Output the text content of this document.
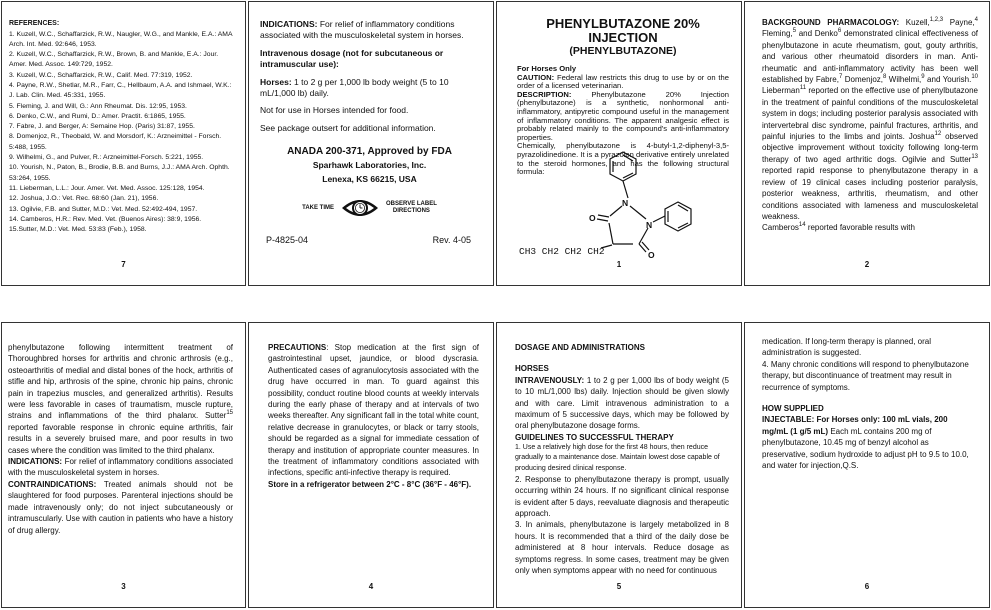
REFERENCES:
1. Kuzell, W.C., Schaffarzick, R.W., Naugler, W.G., and Mankle, E.A.: AMA Arch. Int. Med. 92:646, 1953.
2. Kuzell, W.C., Schaffarzick, R.W., Brown, B. and Mankle, E.A.: Jour. Amer. Med. Assoc. 149:729, 1952.
3. Kuzell, W.C., Schaffarzick, R.W., Calif. Med. 77:319, 1952.
4. Payne, R.W., Shetlar, M.R., Farr, C., Hellbaum, A.A. and Ishmael, W.K.: J. Lab. Clin. Med. 45:331, 1955.
5. Fleming, J. and Will, G.: Ann Rheumat. Dis. 12:95, 1953.
6. Denko, C.W., and Rumi, D.: Amer. Practit. 6:1865, 1955.
7. Fabre, J. and Berger, A: Semaine Hop. (Paris) 31:87, 1955.
8. Domenjoz, R., Theobald, W. and Morsdorf, K.: Arzneimittel - Forsch. 5:488, 1955.
9. Wilhelmi, G., and Pulver, R.: Arzneimittel-Forsch. 5:221, 1955.
10. Yourish, N., Paton, B., Brodie, B.B. and Burns, J.J.: AMA Arch. Ophth. 53:264, 1955.
11. Lieberman, L.L.: Jour. Amer. Vet. Med. Assoc. 125:128, 1954.
12. Joshua, J.O.: Vet. Rec. 68:60 (Jan. 21), 1956.
13. Ogilvie, F.B. and Sutter, M.D.: Vet. Med. 52:492-494, 1957.
14. Camberos, H.R.: Rev. Med. Vet. (Buenos Aires): 38:9, 1956.
15.Sutter, M.D.: Vet. Med. 53:83 (Feb.), 1958.
7

INDICATIONS: For relief of inflammatory conditions associated with the musculoskeletal system in horses.

Intravenous dosage (not for subcutaneous or intramuscular use):

Horses: 1 to 2 g per 1,000 lb body weight (5 to 10 mL/1,000 lb) daily.

Not for use in Horses intended for food.

See package outsert for additional information.

ANADA 200-371, Approved by FDA

Sparhawk Laboratories, Inc.

Lenexa, KS 66215, USA

TAKE TIME
OBSERVE LABEL
DIRECTIONS
P-4825-04	Rev. 4-05

PHENYLBUTAZONE 20% INJECTION

(PHENYLBUTAZONE)

For Horses Only

CAUTION: Federal law restricts this drug to use by or on the order of a licensed veterinarian.

DESCRIPTION:	Phenylbutazone 20% Injection (phenylbutazone) is a synthetic, nonhormonal anti-inflammatory, antipyretic compound useful in the management of inflammatory conditions. The apparent analgesic effect is probably related mainly to the compound's anti-inflammatory properties.

Chemically, phenylbutazone is 4-butyl-1,2-diphenyl-3,5-pyrazolidinedione. It is a pyrazolon derivative entirely unrelated to the steroid hormones, and has the following structural formula:

N
N
O
O
CH3 CH2 CH2 CH2
1

BACKGROUND PHARMACOLOGY: Kuzell,$^{1,2,3}$ Payne,$^4$ Fleming,$^5$ and Denko$^6$ demonstrated clinical effectiveness of phenylbutazone in acute rheumatism, gout, gouty arthritis, and various other rheumatoid disorders in man. Anti-rheumatic and anti-inflammatory activity has been well established by Fabre,$^7$ Domenjoz,$^8$ Wilhelmi,$^9$ and Yourish.$^{10}$ Lieberman$^{11}$ reported on the effective use of phenylbutazone in the treatment of painful conditions of the musculoskeletal system in dogs; including posterior paralysis associated with intervertebral disc syndrome, painful fractures, arthritis, and painful injuries to the limbs and joints. Joshua$^{12}$ observed objective improvement without toxicity following long-term therapy of two aged arthritic dogs. Ogilvie and Sutter$^{13}$ reported rapid response to phenylbutazone therapy in a review of 19 clinical cases including posterior paralysis, posterior weakness, arthritis, rheumatism, and other conditions associated with lameness and musculoskeletal weakness.
Camberos$^{14}$ reported favorable results with

2

phenylbutazone following intermittent treatment of Thoroughbred horses for arthritis and chronic arthrosis (e.g., osteoarthritis of medial and distal bones of the hock, arthritis of stifle and hip, arthrosis of the spine, chronic hip pains, chronic pain in trapezius muscles, and generalized arthritis). Results were less favorable in cases of traumatism, muscle rupture, strains and inflammations of the third phalanx. Sutter$^{15}$ reported favorable response in chronic equine arthritis, fair results in a severely bruised mare, and poor results in two cases where the condition was limited to the third phalanx.

INDICATIONS: For relief of inflammatory conditions associated with the musculoskeletal system in horses.

CONTRAINDICATIONS: Treated animals should not be slaughtered for food purposes. Parenteral injections should be made intravenously only; do not inject subcutaneously or intramuscularly. Use with caution in patients who have a history of drug allergy.

3

PRECAUTIONS: Stop medication at the first sign of gastrointestinal upset, jaundice, or blood dyscrasia. Authenticated cases of agranulocytosis associated with the drug have occurred in man. To guard against this possibility, conduct routine blood counts at weekly intervals during the early phase of therapy and at intervals of two weeks thereafter. Any significant fall in the total white count, relative decrease in granulocytes, or black or tarry stools, should be regarded as a signal for immediate cessation of therapy and institution of appropriate counter measures. In the treatment of inflammatory conditions associated with infections, specific anti-infective therapy is required.

Store in a refrigerator between 2°C - 8°C (36°F - 46°F).

4

DOSAGE AND ADMINISTRATIONS

HORSES

INTRAVENOUSLY: 1 to 2 g per 1,000 lbs of body weight (5 to 10 mL/1,000 lbs) daily. Injection should be given slowly and with care. Limit intravenous administration to a maximum of 5 successive days, which may be followed by oral phenylbutazone dosage forms.

GUIDELINES TO SUCCESSFUL THERAPY

1. Use a relatively high dose for the first 48 hours, then reduce gradually to a maintenance dose. Maintain lowest dose capable of producing desired clinical response.

2. Response to phenylbutazone therapy is prompt, usually occurring within 24 hours. If no significant clinical response is evident after 5 days, reevaluate diagnosis and therapeutic approach.

3. In animals, phenylbutazone is largely metabolized in 8 hours. It is recommended that a third of the daily dose be administered at 8 hour intervals. Reduce dosage as symptoms regress. In some cases, treatment may be given only when symptoms appear with no need for continuous

5

medication. If long-term therapy is planned, oral administration is suggested.

4. Many chronic conditions will respond to phenylbutazone therapy, but discontinuance of treatment may result in recurrence of symptoms.

HOW SUPPLIED

INJECTABLE: For Horses only: 100 mL vials, 200 mg/mL (1 g/5 mL) Each mL contains 200 mg of phenylbutazone, 10.45 mg of benzyl alcohol as preservative, sodium hydroxide to adjust pH to 9.5 to 10.0, and water for injection,Q.S.

6
